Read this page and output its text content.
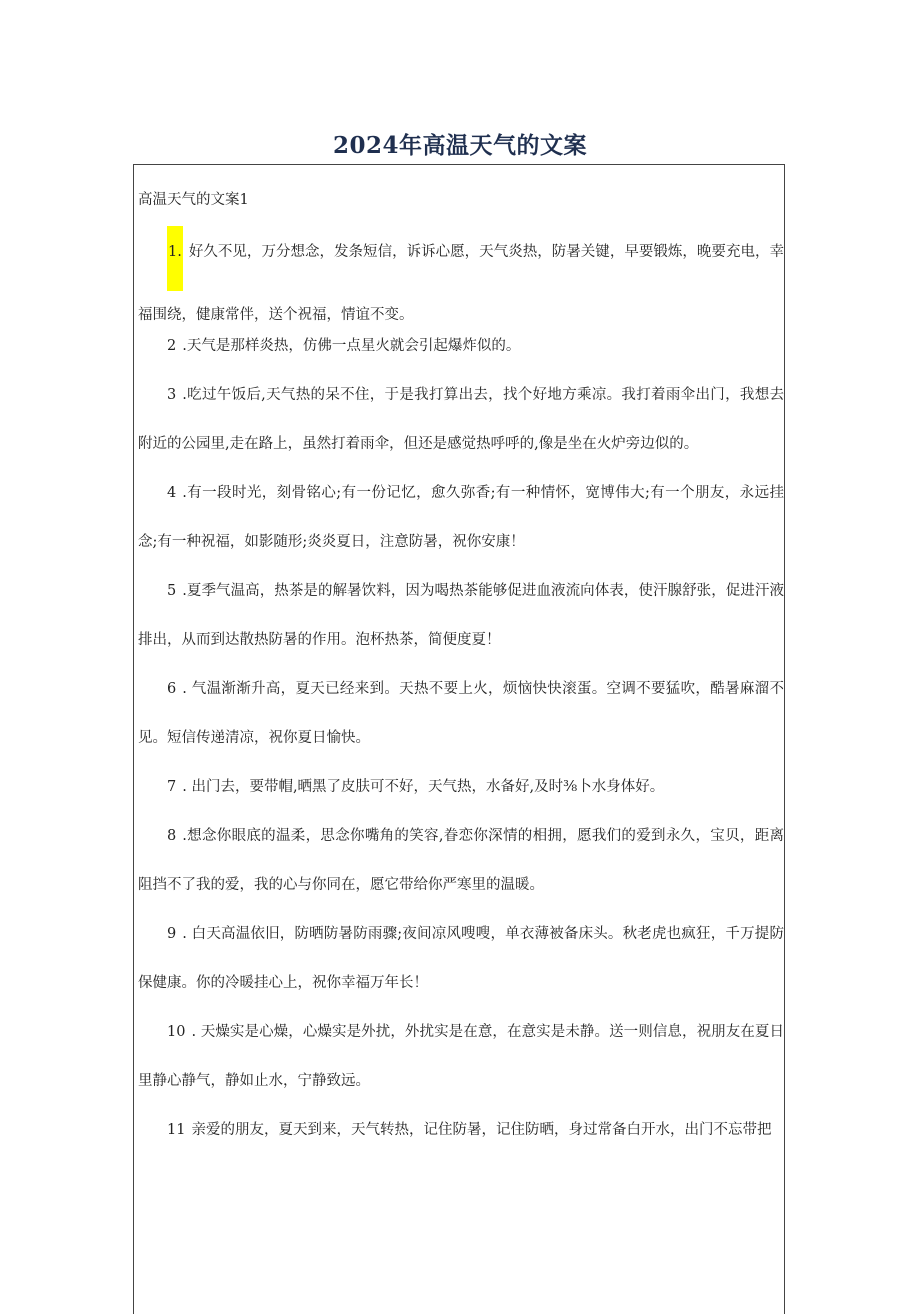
2024年高温天气的文案
高温天气的文案1

1. 好久不见，万分想念，发条短信，诉诉心愿，天气炎热，防暑关键，早要锻炼，晚要充电，幸福围绕，健康常伴，送个祝福，情谊不变。

2 .天气是那样炎热，仿佛一点星火就会引起爆炸似的。

3 .吃过午饭后,天气热的呆不住，于是我打算出去，找个好地方乘凉。我打着雨伞出门，我想去附近的公园里,走在路上，虽然打着雨伞，但还是感觉热呼呼的,像是坐在火炉旁边似的。

4 .有一段时光，刻骨铭心;有一份记忆，愈久弥香;有一种情怀，宽博伟大;有一个朋友，永远挂念;有一种祝福，如影随形;炎炎夏日，注意防暑，祝你安康！

5 .夏季气温高，热茶是的解暑饮料，因为喝热茶能够促进血液流向体表，使汗腺舒张，促进汗液排出，从而到达散热防暑的作用。泡杯热茶，简便度夏！

6 . 气温渐渐升高，夏天已经来到。天热不要上火，烦恼快快滚蛋。空调不要猛吹，酷暑麻溜不见。短信传递清凉，祝你夏日愉快。

7 . 出门去，要带帽,晒黑了皮肤可不好，天气热，水备好,及时⅜卜水身体好。

8 .想念你眼底的温柔，思念你嘴角的笑容,眷恋你深情的相拥，愿我们的爱到永久，宝贝，距离阻挡不了我的爱，我的心与你同在，愿它带给你严寒里的温暖。

9 . 白天高温依旧，防晒防暑防雨骤;夜间凉风嗖嗖，单衣薄被备床头。秋老虎也疯狂，千万提防保健康。你的冷暖挂心上，祝你幸福万年长！

10 . 天燥实是心燥，心燥实是外扰，外扰实是在意，在意实是未静。送一则信息，祝朋友在夏日里静心静气，静如止水，宁静致远。

11 亲爱的朋友，夏天到来，天气转热，记住防暑，记住防晒，身过常备白开水，出门不忘带把
